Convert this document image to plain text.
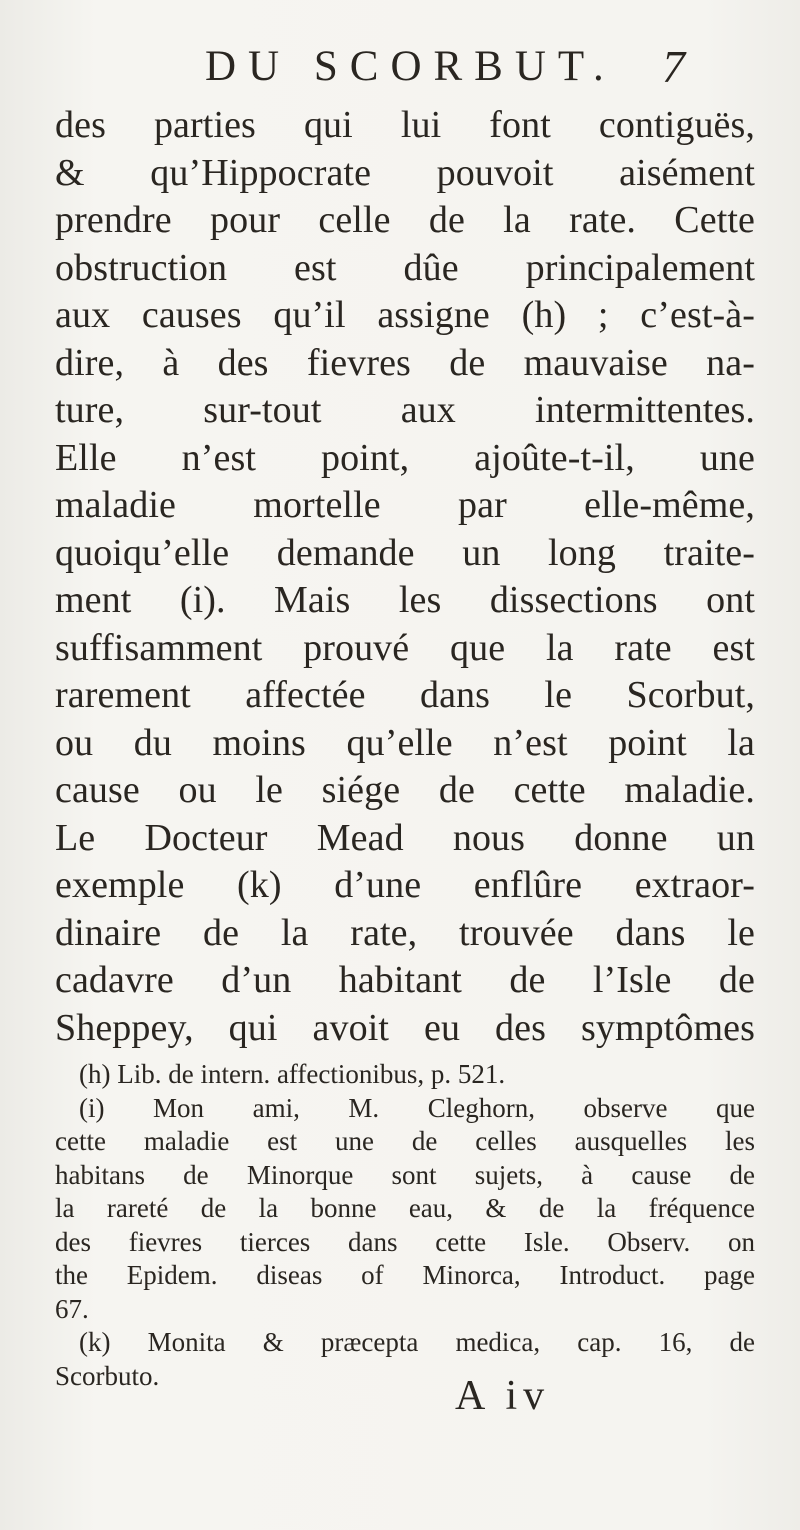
DU SCORBUT. 7
des parties qui lui font contiguës,
& qu’Hippocrate pouvoit aisément
prendre pour celle de la rate. Cette
obstruction est dûe principalement
aux causes qu’il assigne (h) ; c’est-à-
dire, à des fievres de mauvaise na-
ture, sur-tout aux intermittentes.
Elle n’est point, ajoûte-t-il, une
maladie mortelle par elle-même,
quoiqu’elle demande un long traite-
ment (i). Mais les dissections ont
suffisamment prouvé que la rate est
rarement affectée dans le Scorbut,
ou du moins qu’elle n’est point la
cause ou le siége de cette maladie.
Le Docteur Mead nous donne un
exemple (k) d’une enflûre extraor-
dinaire de la rate, trouvée dans le
cadavre d’un habitant de l’Isle de
Sheppey, qui avoit eu des symptômes
(h) Lib. de intern. affectionibus, p. 521.
(i) Mon ami, M. Cleghorn, observe que
cette maladie est une de celles ausquelles les
habitans de Minorque sont sujets, à cause de
la rareté de la bonne eau, & de la fréquence
des fievres tierces dans cette Isle. Observ. on
the Epidem. diseas of Minorca, Introduct. page
67.
(k) Monita & præcepta medica, cap. 16, de
Scorbuto.	A iv
